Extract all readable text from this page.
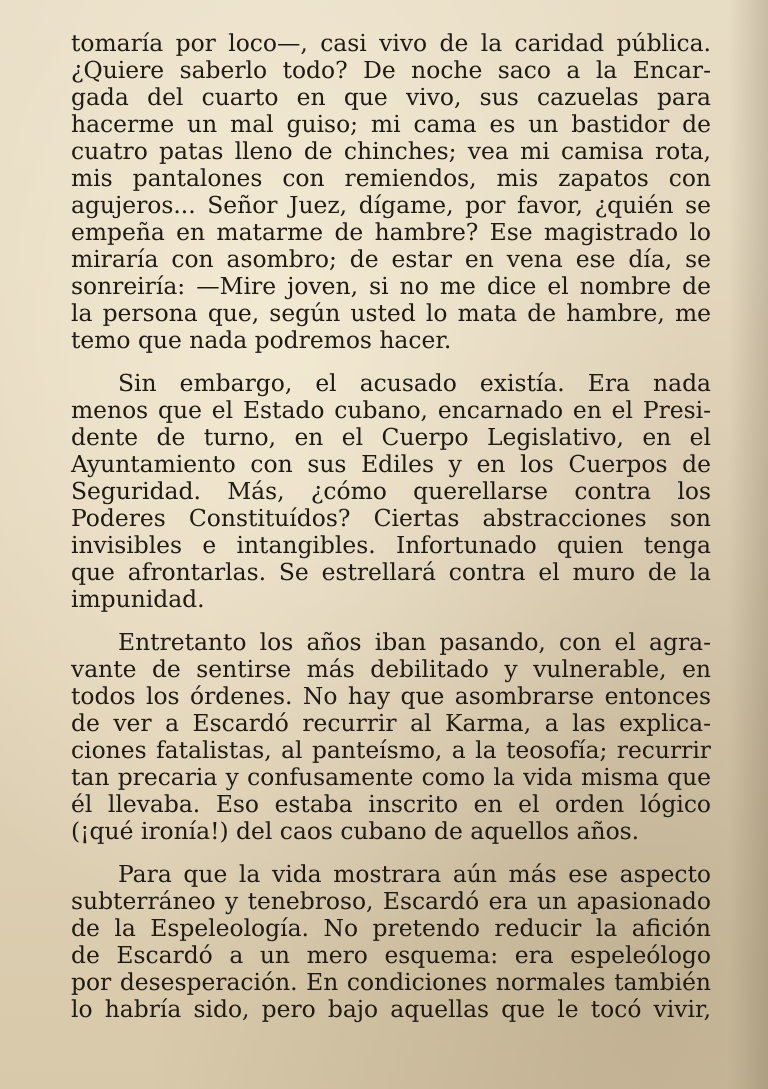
tomaría por loco—, casi vivo de la caridad pública.
¿Quiere saberlo todo? De noche saco a la Encar-
gada del cuarto en que vivo, sus cazuelas para
hacerme un mal guiso; mi cama es un bastidor de
cuatro patas lleno de chinches; vea mi camisa rota,
mis pantalones con remiendos, mis zapatos con
agujeros... Señor Juez, dígame, por favor, ¿quién se
empeña en matarme de hambre? Ese magistrado lo
miraría con asombro; de estar en vena ese día, se
sonreiría: —Mire joven, si no me dice el nombre de
la persona que, según usted lo mata de hambre, me
temo que nada podremos hacer.
Sin embargo, el acusado existía. Era nada
menos que el Estado cubano, encarnado en el Presi-
dente de turno, en el Cuerpo Legislativo, en el
Ayuntamiento con sus Ediles y en los Cuerpos de
Seguridad. Más, ¿cómo querellarse contra los
Poderes Constituídos? Ciertas abstracciones son
invisibles e intangibles. Infortunado quien tenga
que afrontarlas. Se estrellará contra el muro de la
impunidad.
Entretanto los años iban pasando, con el agra-
vante de sentirse más debilitado y vulnerable, en
todos los órdenes. No hay que asombrarse entonces
de ver a Escardó recurrir al Karma, a las explica-
ciones fatalistas, al panteísmo, a la teosofía; recurrir
tan precaria y confusamente como la vida misma que
él llevaba. Eso estaba inscrito en el orden lógico
(¡qué ironía!) del caos cubano de aquellos años.
Para que la vida mostrara aún más ese aspecto
subterráneo y tenebroso, Escardó era un apasionado
de la Espeleología. No pretendo reducir la afición
de Escardó a un mero esquema: era espeleólogo
por desesperación. En condiciones normales también
lo habría sido, pero bajo aquellas que le tocó vivir,
